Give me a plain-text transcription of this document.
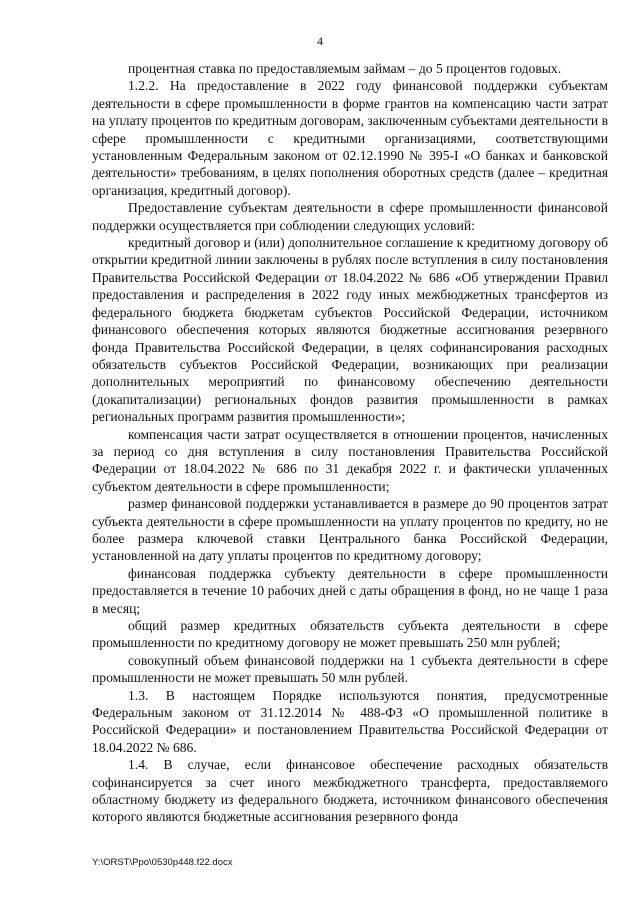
4

процентная ставка по предоставляемым займам – до 5 процентов годовых.

1.2.2. На предоставление в 2022 году финансовой поддержки субъектам деятельности в сфере промышленности в форме грантов на компенсацию части затрат на уплату процентов по кредитным договорам, заключенным субъектами деятельности в сфере промышленности с кредитными организациями, соответствующими установленным Федеральным законом от 02.12.1990 № 395-I «О банках и банковской деятельности» требованиям, в целях пополнения оборотных средств (далее – кредитная организация, кредитный договор).

Предоставление субъектам деятельности в сфере промышленности финансовой поддержки осуществляется при соблюдении следующих условий:

кредитный договор и (или) дополнительное соглашение к кредитному договору об открытии кредитной линии заключены в рублях после вступления в силу постановления Правительства Российской Федерации от 18.04.2022 № 686 «Об утверждении Правил предоставления и распределения в 2022 году иных межбюджетных трансфертов из федерального бюджета бюджетам субъектов Российской Федерации, источником финансового обеспечения которых являются бюджетные ассигнования резервного фонда Правительства Российской Федерации, в целях софинансирования расходных обязательств субъектов Российской Федерации, возникающих при реализации дополнительных мероприятий по финансовому обеспечению деятельности (докапитализации) региональных фондов развития промышленности в рамках региональных программ развития промышленности»;

компенсация части затрат осуществляется в отношении процентов, начисленных за период со дня вступления в силу постановления Правительства Российской Федерации от 18.04.2022 № 686 по 31 декабря 2022 г. и фактически уплаченных субъектом деятельности в сфере промышленности;

размер финансовой поддержки устанавливается в размере до 90 процентов затрат субъекта деятельности в сфере промышленности на уплату процентов по кредиту, но не более размера ключевой ставки Центрального банка Российской Федерации, установленной на дату уплаты процентов по кредитному договору;

финансовая поддержка субъекту деятельности в сфере промышленности предоставляется в течение 10 рабочих дней с даты обращения в фонд, но не чаще 1 раза в месяц;

общий размер кредитных обязательств субъекта деятельности в сфере промышленности по кредитному договору не может превышать 250 млн рублей;

совокупный объем финансовой поддержки на 1 субъекта деятельности в сфере промышленности не может превышать 50 млн рублей.

1.3. В настоящем Порядке используются понятия, предусмотренные Федеральным законом от 31.12.2014 № 488-ФЗ «О промышленной политике в Российской Федерации» и постановлением Правительства Российской Федерации от 18.04.2022 № 686.

1.4. В случае, если финансовое обеспечение расходных обязательств софинансируется за счет иного межбюджетного трансферта, предоставляемого областному бюджету из федерального бюджета, источником финансового обеспечения которого являются бюджетные ассигнования резервного фонда

Y:\ORST\Ppo\0530p448.f22.docx
